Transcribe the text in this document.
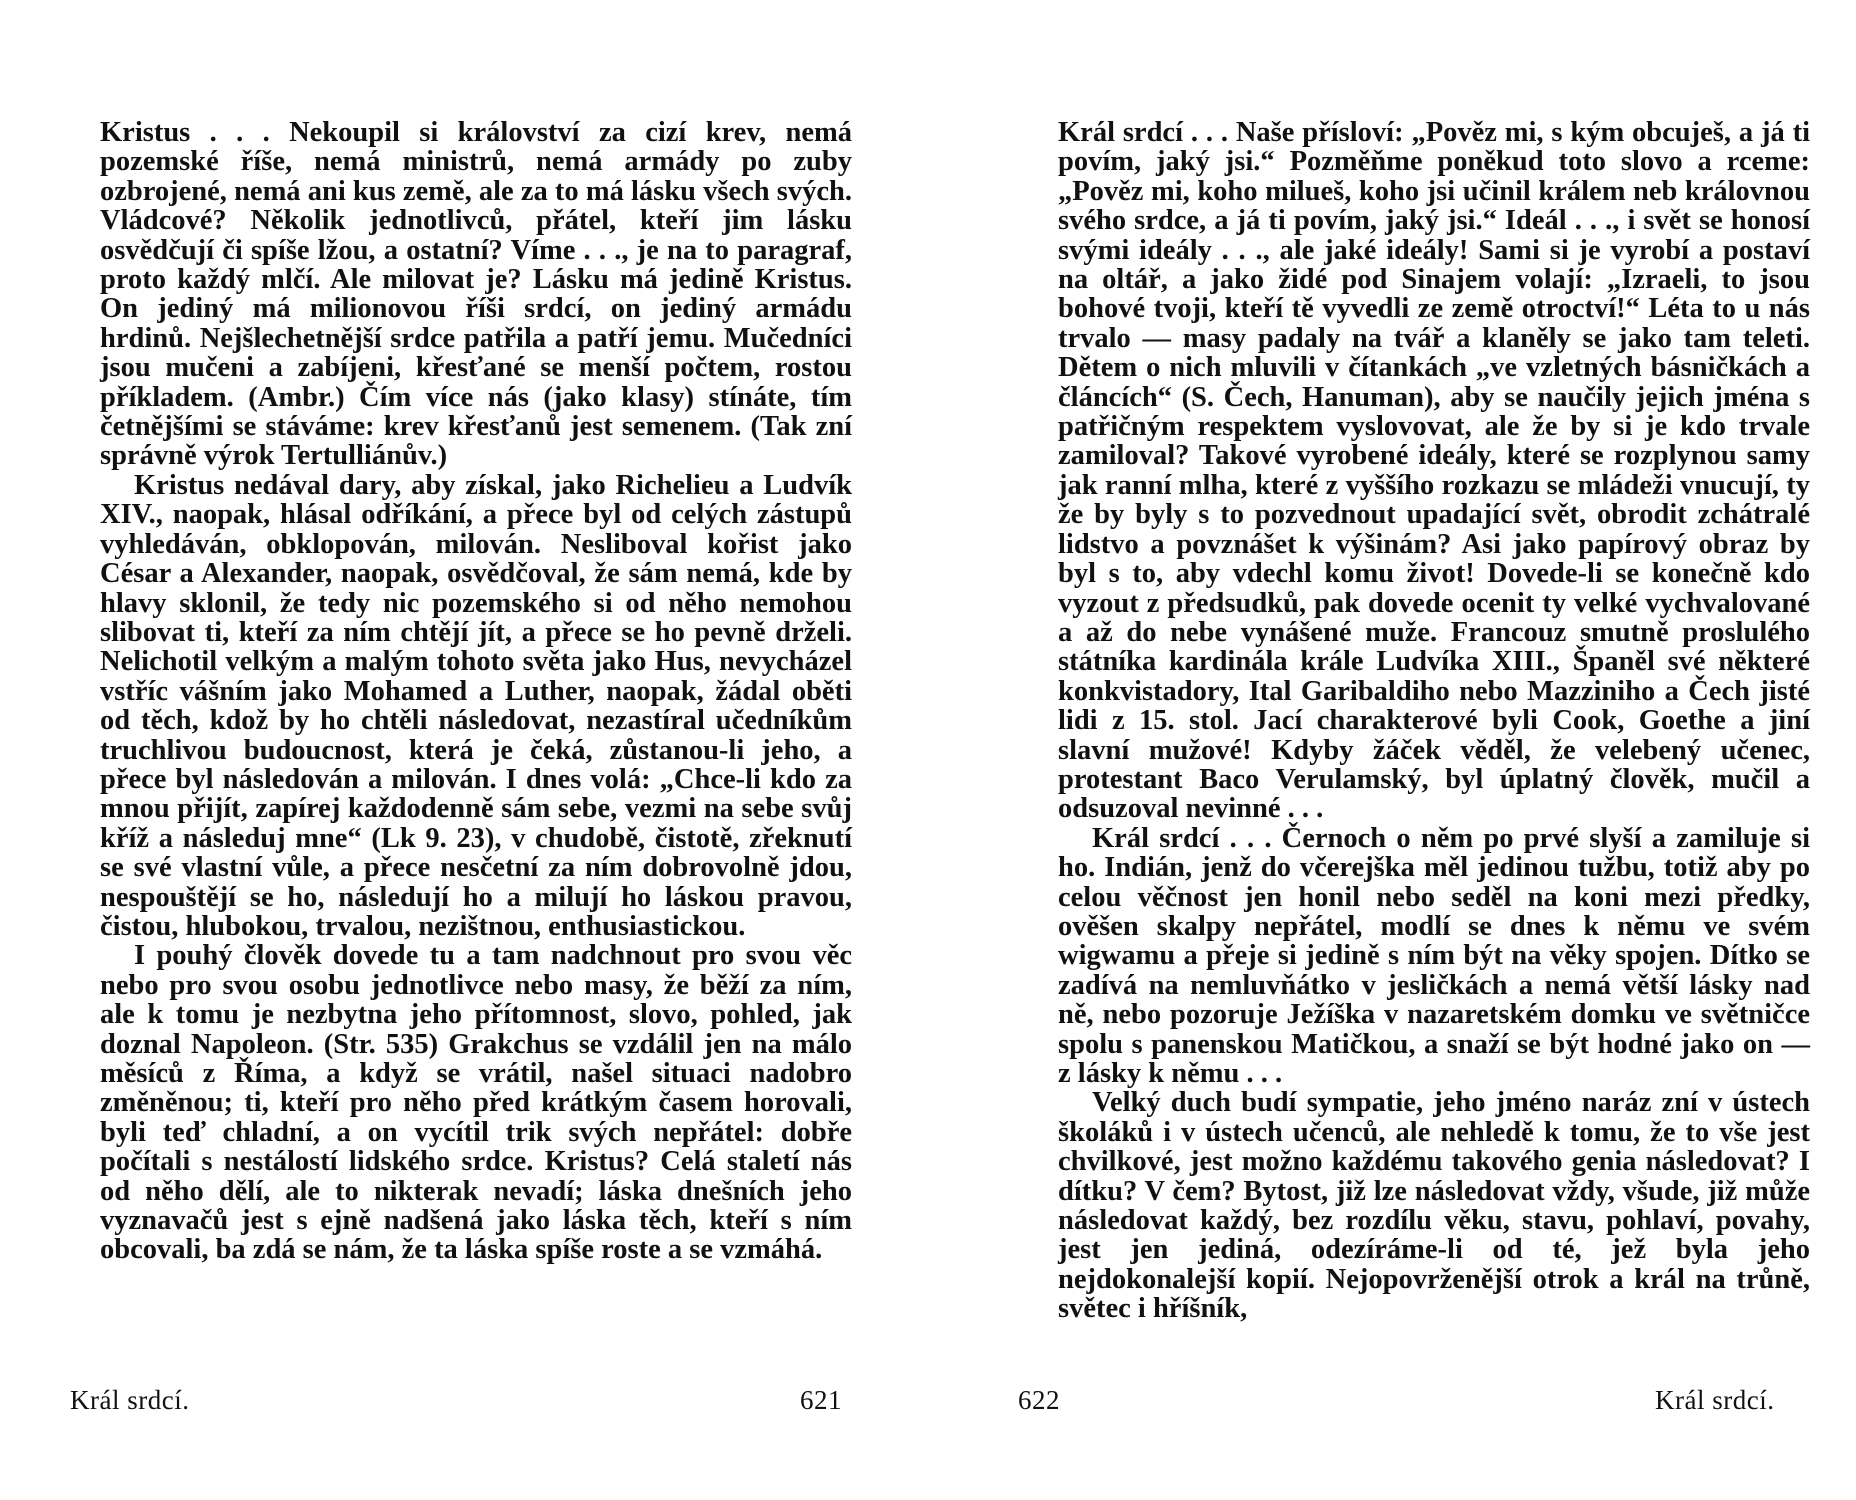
Kristus . . . Nekoupil si království za cizí krev, nemá pozemské říše, nemá ministrů, nemá armády po zuby ozbrojené, nemá ani kus země, ale za to má lásku všech svých. Vládcové? Několik jednotlivců, přátel, kteří jim lásku osvědčují či spíše lžou, a ostatní? Víme . . ., je na to paragraf, proto každý mlčí. Ale milovat je? Lásku má jedině Kristus. On jediný má milionovou říši srdcí, on jediný armádu hrdinů. Nejšlechetnější srdce patřila a patří jemu. Mučedníci jsou mučeni a zabíjeni, křesťané se menší počtem, rostou příkladem. (Ambr.) Čím více nás (jako klasy) stínáte, tím četnějšími se stáváme: krev křesťanů jest semenem. (Tak zní správně výrok Tertulliánův.)

Kristus nedával dary, aby získal, jako Richelieu a Ludvík XIV., naopak, hlásal odříkání, a přece byl od celých zástupů vyhledáván, obklopován, milován. Nesliboval kořist jako César a Alexander, naopak, osvědčoval, že sám nemá, kde by hlavy sklonil, že tedy nic pozemského si od něho nemohou slibovat ti, kteří za ním chtějí jít, a přece se ho pevně drželi. Nelichotil velkým a malým tohoto světa jako Hus, nevycházel vstříc vášním jako Mohamed a Luther, naopak, žádal oběti od těch, kdož by ho chtěli následovat, nezastíral učedníkům truchlivou budoucnost, která je čeká, zůstanou-li jeho, a přece byl následován a milován. I dnes volá: „Chce-li kdo za mnou přijít, zapírej každodenně sám sebe, vezmi na sebe svůj kříž a následuj mne“ (Lk 9. 23), v chudobě, čistotě, zřeknutí se své vlastní vůle, a přece nesčetní za ním dobrovolně jdou, nespouštějí se ho, následují ho a milují ho láskou pravou, čistou, hlubokou, trvalou, nezištnou, enthusiastickou.

I pouhý člověk dovede tu a tam nadchnout pro svou věc nebo pro svou osobu jednotlivce nebo masy, že běží za ním, ale k tomu je nezbytna jeho přítomnost, slovo, pohled, jak doznal Napoleon. (Str. 535) Grakchus se vzdálil jen na málo měsíců z Říma, a když se vrátil, našel situaci nadobro změněnou; ti, kteří pro něho před krátkým časem horovali, byli teď chladní, a on vycítil trik svých nepřátel: dobře počítali s nestálostí lidského srdce. Kristus? Celá staletí nás od něho dělí, ale to nikterak nevadí; láska dnešních jeho vyznavačů jest s ejně nadšená jako láska těch, kteří s ním obcovali, ba zdá se nám, že ta láska spíše roste a se vzmáhá.

Král srdcí.	621

Král srdcí . . . Naše přísloví: „Pověz mi, s kým obcuješ, a já ti povím, jaký jsi.“ Pozměňme poněkud toto slovo a rceme: „Pověz mi, koho milueš, koho jsi učinil králem neb královnou svého srdce, a já ti povím, jaký jsi.“ Ideál . . ., i svět se honosí svými ideály . . ., ale jaké ideály! Sami si je vyrobí a postaví na oltář, a jako židé pod Sinajem volají: „Izraeli, to jsou bohové tvoji, kteří tě vyvedli ze země otroctví!“ Léta to u nás trvalo — masy padaly na tvář a klaněly se jako tam teleti. Dětem o nich mluvili v čítankách „ve vzletných básničkách a článcích“ (S. Čech, Hanuman), aby se naučily jejich jména s patřičným respektem vyslovovat, ale že by si je kdo trvale zamiloval? Takové vyrobené ideály, které se rozplynou samy jak ranní mlha, které z vyššího rozkazu se mládeži vnucují, ty že by byly s to pozvednout upadající svět, obrodit zchátralé lidstvo a povznášet k výšinám? Asi jako papírový obraz by byl s to, aby vdechl komu život! Dovede-li se konečně kdo vyzout z předsudků, pak dovede ocenit ty velké vychvalované a až do nebe vynášené muže. Francouz smutně proslulého státníka kardinála krále Ludvíka XIII., Španěl své některé konkvistadory, Ital Garibaldiho nebo Mazziniho a Čech jisté lidi z 15. stol. Jací charakterové byli Cook, Goethe a jiní slavní mužové! Kdyby žáček věděl, že velebený učenec, protestant Baco Verulamský, byl úplatný člověk, mučil a odsuzoval nevinné . . .

Král srdcí . . . Černoch o něm po prvé slyší a zamiluje si ho. Indián, jenž do včerejška měl jedinou tužbu, totiž aby po celou věčnost jen honil nebo seděl na koni mezi předky, ověšen skalpy nepřátel, modlí se dnes k němu ve svém wigwamu a přeje si jedině s ním být na věky spojen. Dítko se zadívá na nemluvňátko v jesličkách a nemá větší lásky nad ně, nebo pozoruje Ježíška v nazaretském domku ve světničce spolu s panenskou Matičkou, a snaží se být hodné jako on — z lásky k němu . . .

Velký duch budí sympatie, jeho jméno naráz zní v ústech školáků i v ústech učenců, ale nehledě k tomu, že to vše jest chvilkové, jest možno každému takového genia následovat? I dítku? V čem? Bytost, již lze následovat vždy, všude, již může následovat každý, bez rozdílu věku, stavu, pohlaví, povahy, jest jen jediná, odezíráme-li od té, jež byla jeho nejdokonalejší kopií. Nejopovrženější otrok a král na trůně, světec i hříšník,

622	Král srdcí.
